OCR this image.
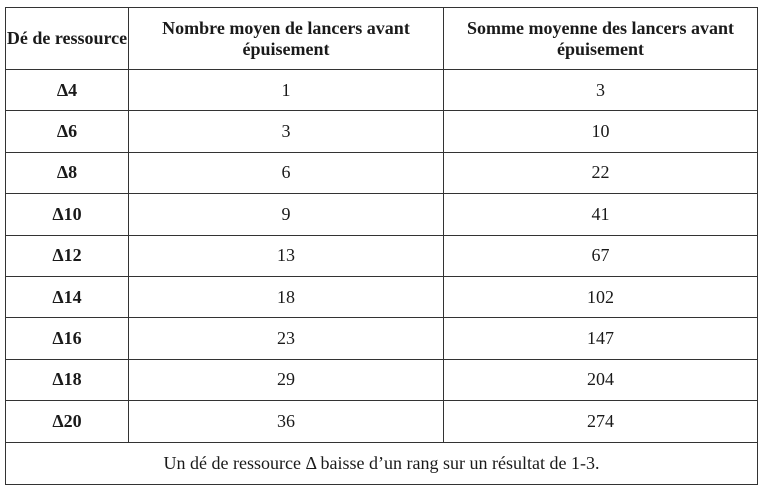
Dé de ressource	Nombre moyen de lancers avant épuisement	Somme moyenne des lancers avant épuisement
Δ4	1	3
Δ6	3	10
Δ8	6	22
Δ10	9	41
Δ12	13	67
Δ14	18	102
Δ16	23	147
Δ18	29	204
Δ20	36	274
Un dé de ressource Δ baisse d’un rang sur un résultat de 1-3.		
